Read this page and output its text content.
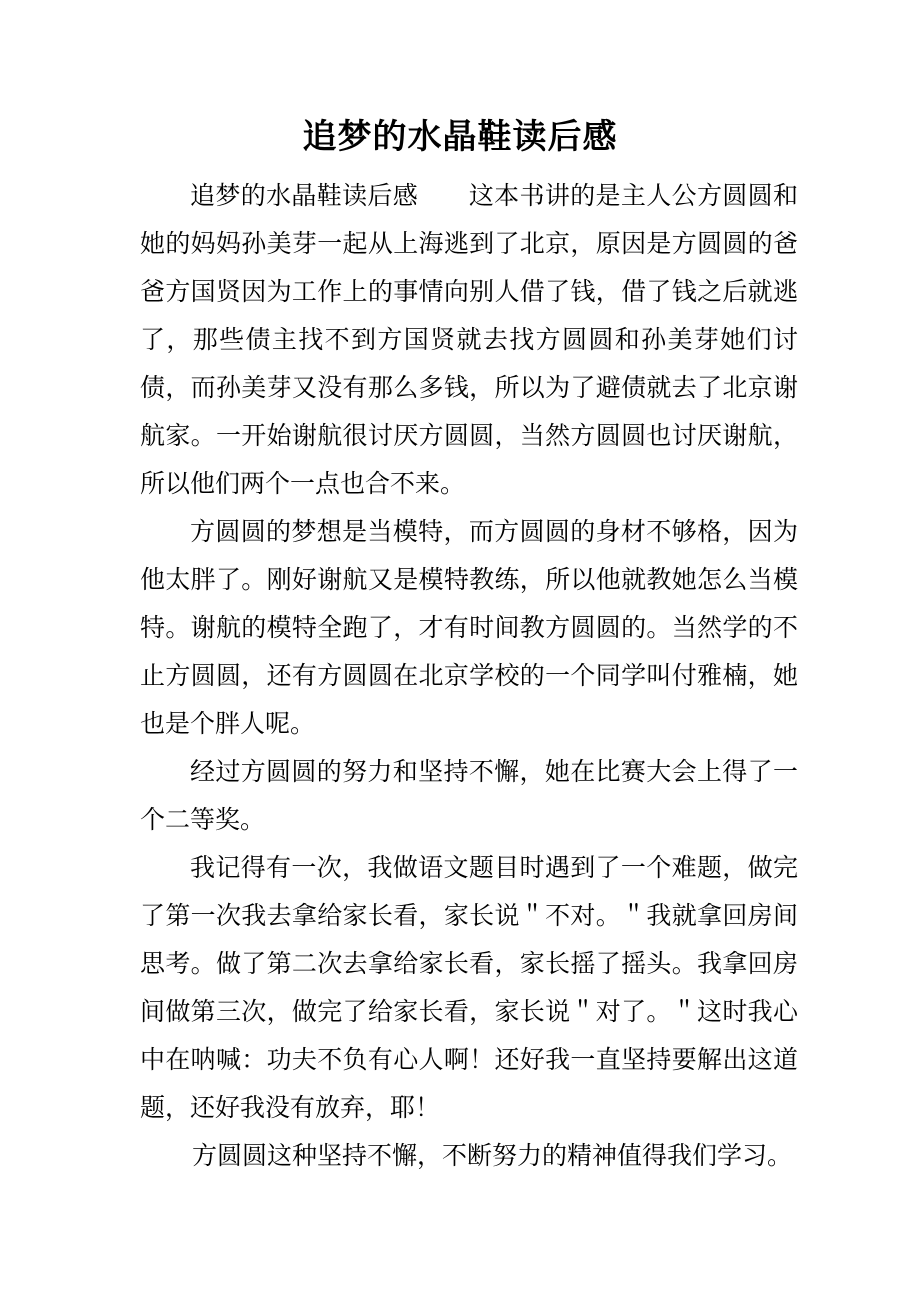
追梦的水晶鞋读后感

追梦的水晶鞋读后感　　这本书讲的是主人公方圆圆和她的妈妈孙美芽一起从上海逃到了北京，原因是方圆圆的爸爸方国贤因为工作上的事情向别人借了钱，借了钱之后就逃了，那些债主找不到方国贤就去找方圆圆和孙美芽她们讨债，而孙美芽又没有那么多钱，所以为了避债就去了北京谢航家。一开始谢航很讨厌方圆圆，当然方圆圆也讨厌谢航，所以他们两个一点也合不来。

方圆圆的梦想是当模特，而方圆圆的身材不够格，因为他太胖了。刚好谢航又是模特教练，所以他就教她怎么当模特。谢航的模特全跑了，才有时间教方圆圆的。当然学的不止方圆圆，还有方圆圆在北京学校的一个同学叫付雅楠，她也是个胖人呢。

经过方圆圆的努力和坚持不懈，她在比赛大会上得了一个二等奖。

我记得有一次，我做语文题目时遇到了一个难题，做完了第一次我去拿给家长看，家长说＂不对。＂我就拿回房间思考。做了第二次去拿给家长看，家长摇了摇头。我拿回房间做第三次，做完了给家长看，家长说＂对了。＂这时我心中在呐喊：功夫不负有心人啊！还好我一直坚持要解出这道题，还好我没有放弃，耶！

方圆圆这种坚持不懈，不断努力的精神值得我们学习。
